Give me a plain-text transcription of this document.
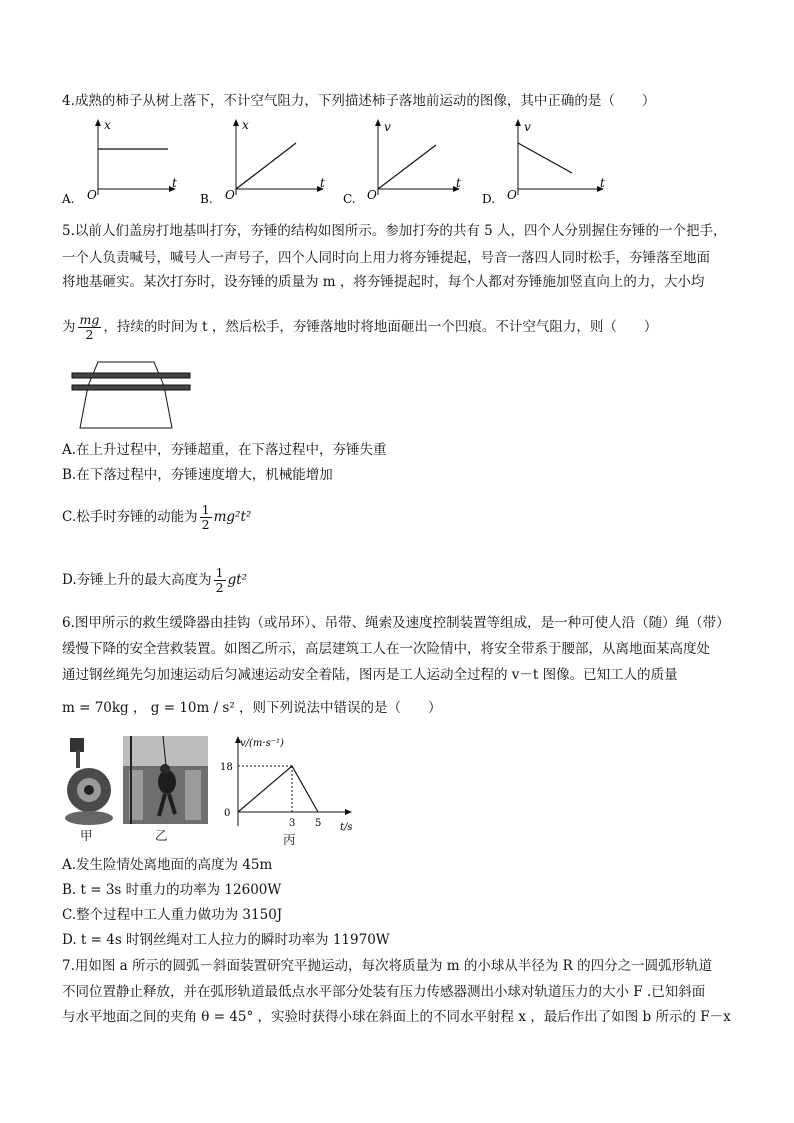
4.成熟的柿子从树上落下，不计空气阻力，下列描述柿子落地前运动的图像，其中正确的是（　　）
A.
x
t
O	B.
x
t
O	C.
v
t
O	D.
v
t
O
5.以前人们盖房打地基叫打夯，夯锤的结构如图所示。参加打夯的共有 5 人，四个人分别握住夯锤的一个把手，
一个人负责喊号，喊号人一声号子，四个人同时向上用力将夯锤提起，号音一落四人同时松手，夯锤落至地面
将地基砸实。某次打夯时，设夯锤的质量为 m ，将夯锤提起时，每个人都对夯锤施加竖直向上的力，大小均
为 $\frac{mg}{2}$ ，持续的时间为 t ，然后松手，夯锤落地时将地面砸出一个凹痕。不计空气阻力，则（　　）
A.在上升过程中，夯锤超重，在下落过程中，夯锤失重
B.在下落过程中，夯锤速度增大，机械能增加
C.松手时夯锤的动能为 $\frac{1}{2} mg^2t^2$
D.夯锤上升的最大高度为 $\frac{1}{2} gt^2$
6.图甲所示的救生缓降器由挂钩（或吊环）、吊带、绳索及速度控制装置等组成，是一种可使人沿（随）绳（带）
缓慢下降的安全营救装置。如图乙所示，高层建筑工人在一次险情中，将安全带系于腰部，从离地面某高度处
通过钢丝绳先匀加速运动后匀减速运动安全着陆，图丙是工人运动全过程的 v－t 图像。已知工人的质量
m = 70kg ， g = 10m / s² ，则下列说法中错误的是（　　）
甲	乙
v/(m·s⁻¹)
18
0
3 5 t/s
丙
A.发生险情处离地面的高度为 45m
B. t = 3s 时重力的功率为 12600W
C.整个过程中工人重力做功为 3150J
D. t = 4s 时钢丝绳对工人拉力的瞬时功率为 11970W
7.用如图 a 所示的圆弧－斜面装置研究平抛运动，每次将质量为 m 的小球从半径为 R 的四分之一圆弧形轨道
不同位置静止释放，并在弧形轨道最低点水平部分处装有压力传感器测出小球对轨道压力的大小 F .已知斜面
与水平地面之间的夹角 θ = 45° ，实验时获得小球在斜面上的不同水平射程 x ，最后作出了如图 b 所示的 F－x
